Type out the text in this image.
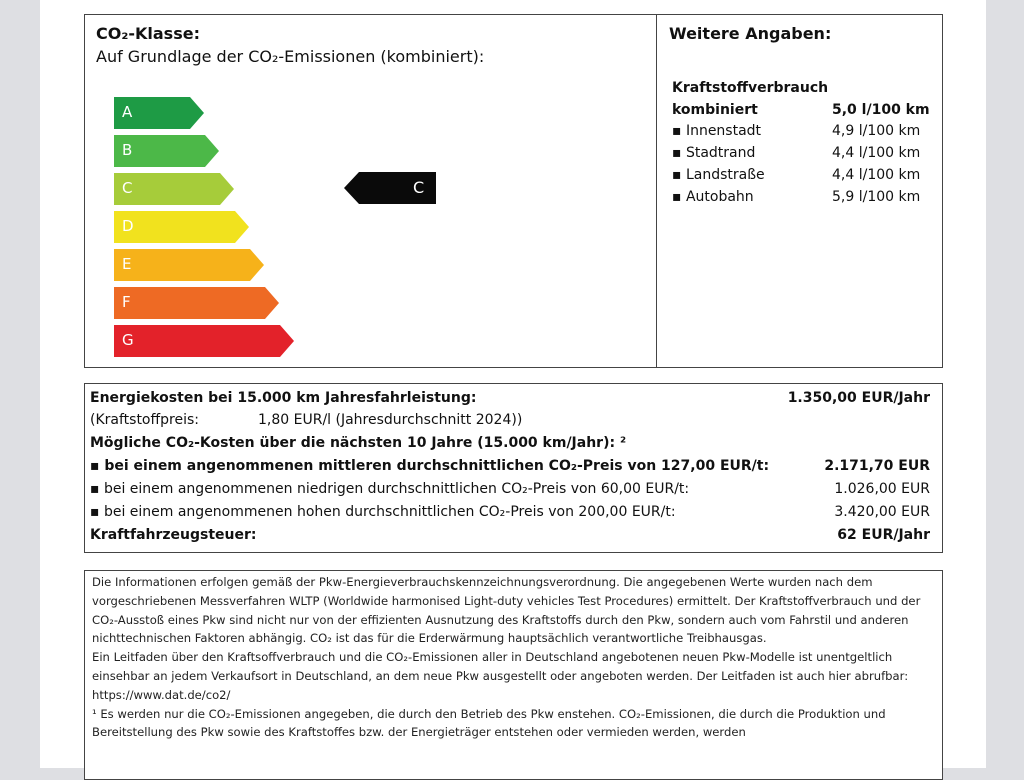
CO₂-Klasse:
Auf Grundlage der CO₂-Emissionen (kombiniert):
A
B
C
D
E
F
G
C
Weitere Angaben:
Kraftstoffverbrauch
kombiniert	5,0 l/100 km
▪ Innenstadt	4,9 l/100 km
▪ Stadtrand	4,4 l/100 km
▪ Landstraße	4,4 l/100 km
▪ Autobahn	5,9 l/100 km
Energiekosten bei 15.000 km Jahresfahrleistung:	1.350,00 EUR/Jahr
(Kraftstoffpreis:	1,80 EUR/l (Jahresdurchschnitt 2024))
Mögliche CO₂-Kosten über die nächsten 10 Jahre (15.000 km/Jahr): ²
▪ bei einem angenommenen mittleren durchschnittlichen CO₂-Preis von 127,00 EUR/t:	2.171,70 EUR
▪ bei einem angenommenen niedrigen durchschnittlichen CO₂-Preis von 60,00 EUR/t:	1.026,00 EUR
▪ bei einem angenommenen hohen durchschnittlichen CO₂-Preis von 200,00 EUR/t:	3.420,00 EUR
Kraftfahrzeugsteuer:	62 EUR/Jahr

Die Informationen erfolgen gemäß der Pkw-Energieverbrauchskennzeichnungsverordnung. Die angegebenen Werte wurden nach dem vorgeschriebenen Messverfahren WLTP (Worldwide harmonised Light-duty vehicles Test Procedures) ermittelt. Der Kraftstoffverbrauch und der CO₂-Ausstoß eines Pkw sind nicht nur von der effizienten Ausnutzung des Kraftstoffs durch den Pkw, sondern auch vom Fahrstil und anderen nichttechnischen Faktoren abhängig. CO₂ ist das für die Erderwärmung hauptsächlich verantwortliche Treibhausgas.

Ein Leitfaden über den Kraftsoffverbrauch und die CO₂-Emissionen aller in Deutschland angebotenen neuen Pkw-Modelle ist unentgeltlich einsehbar an jedem Verkaufsort in Deutschland, an dem neue Pkw ausgestellt oder angeboten werden. Der Leitfaden ist auch hier abrufbar: https://www.dat.de/co2/

¹ Es werden nur die CO₂-Emissionen angegeben, die durch den Betrieb des Pkw enstehen. CO₂-Emissionen, die durch die Produktion und Bereitstellung des Pkw sowie des Kraftstoffes bzw. der Energieträger entstehen oder vermieden werden, werden
